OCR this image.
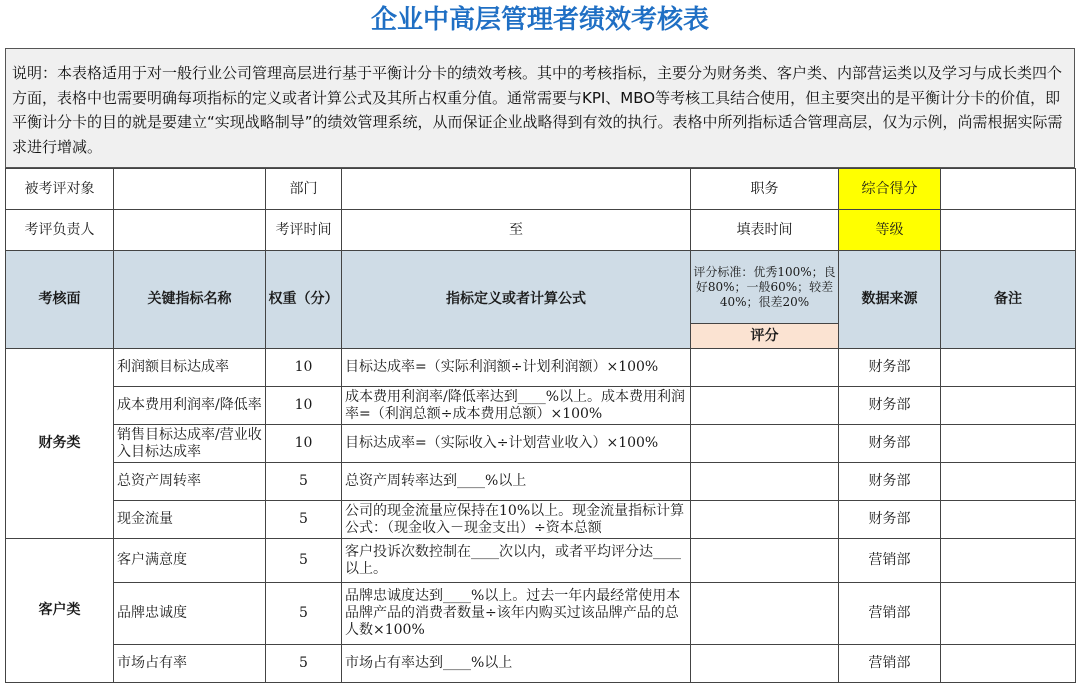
企业中高层管理者绩效考核表
说明：本表格适用于对一般行业公司管理高层进行基于平衡计分卡的绩效考核。其中的考核指标，主要分为财务类、客户类、内部营运类以及学习与成长类四个方面，表格中也需要明确每项指标的定义或者计算公式及其所占权重分值。通常需要与KPI、MBO等考核工具结合使用，但主要突出的是平衡计分卡的价值，即平衡计分卡的目的就是要建立“实现战略制导”的绩效管理系统，从而保证企业战略得到有效的执行。表格中所列指标适合管理高层，仅为示例，尚需根据实际需求进行增减。
被考评对象		部门		职务	综合得分	
考评负责人		考评时间	至	填表时间	等级	
考核面	关键指标名称	权重（分）	指标定义或者计算公式	评分标准：优秀100%；良好80%；一般60%；较差40%；很差20%	数据来源	备注
				评分		
财务类	利润额目标达成率	10	目标达成率=（实际利润额÷计划利润额）×100%		财务部	
	成本费用利润率/降低率	10	成本费用利润率/降低率达到____%以上。成本费用利润率=（利润总额÷成本费用总额）×100%		财务部	
	销售目标达成率/营业收入目标达成率	10	目标达成率=（实际收入÷计划营业收入）×100%		财务部	
	总资产周转率	5	总资产周转率达到____%以上		财务部	
	现金流量	5	公司的现金流量应保持在10%以上。现金流量指标计算公式：（现金收入－现金支出）÷资本总额		财务部	
客户类	客户满意度	5	客户投诉次数控制在____次以内，或者平均评分达____以上。		营销部	
	品牌忠诚度	5	品牌忠诚度达到____%以上。过去一年内最经常使用本品牌产品的消费者数量÷该年内购买过该品牌产品的总人数×100%		营销部	
	市场占有率	5	市场占有率达到____%以上		营销部	
